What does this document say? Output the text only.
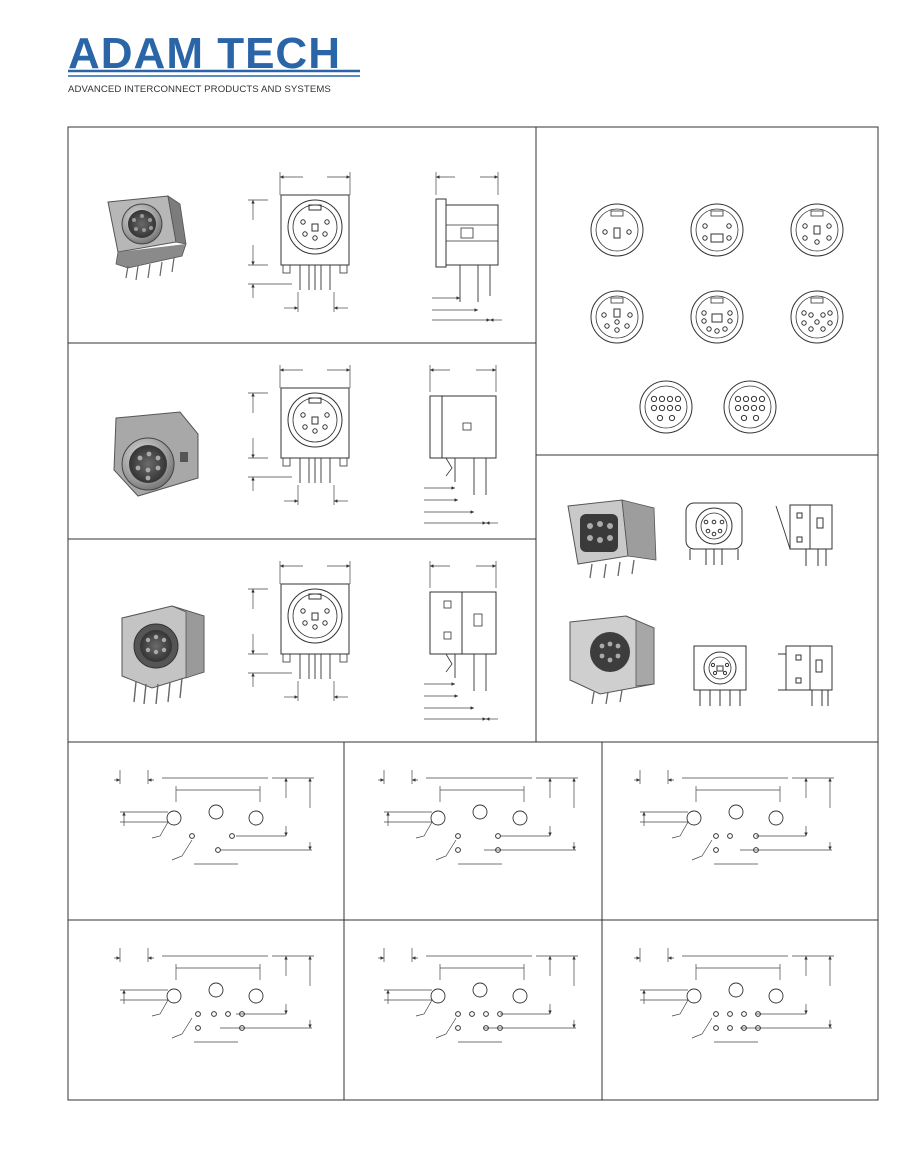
ADAM TECH
ADVANCED INTERCONNECT PRODUCTS AND SYSTEMS
